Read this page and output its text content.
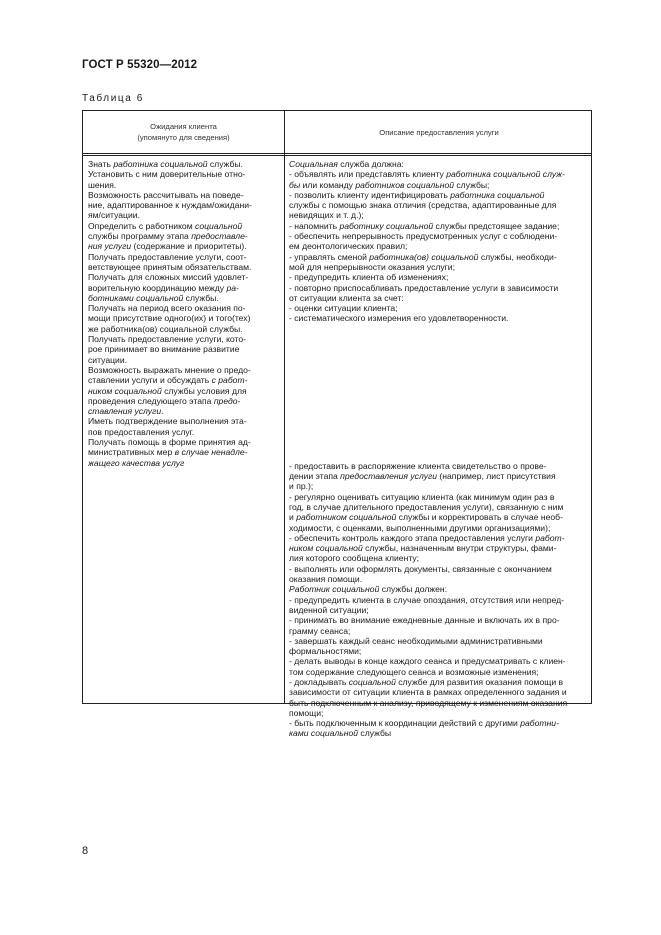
ГОСТ Р 55320—2012
Таблица 6
Ожидания клиента
(упомянуто для сведения)
Описание предоставления услуги

Знать работника социальной службы.

Установить с ним доверительные отно-

шения.

Возможность рассчитывать на поведе-

ние, адаптированное к нуждам/ожидани-

ям/ситуации.

Определить с работником социальной

службы программу этапа предоставле-

ния услуги (содержание и приоритеты).

Получать предоставление услуги, соот-

ветствующее принятым обязательствам.

Получать для сложных миссий удовлет-

ворительную координацию между ра-

ботниками социальной службы.

Получать на период всего оказания по-

мощи присутствие одного(их) и того(тех)

же работника(ов) социальной службы.

Получать предоставление услуги, кото-

рое принимает во внимание развитие

ситуации.

Возможность выражать мнение о предо-

ставлении услуги и обсуждать с работ-

ником социальной службы условия для

проведения следующего этапа предо-

ставления услуги.

Иметь подтверждение выполнения эта-

пов предоставления услуг.

Получать помощь в форме принятия ад-

министративных мер в случае ненадле-

жащего качества услуг

Социальная служба должна:

- объявлять или представлять клиенту работника социальной служ-

бы или команду работников социальной службы;

- позволить клиенту идентифицировать работника социальной

службы с помощью знака отличия (средства, адаптированные для

невидящих и т. д.);

- напомнить работнику социальной службы предстоящее задание;

- обеспечить непрерывность предусмотренных услуг с соблюдени-

ем деонтологических правил;

- управлять сменой работника(ов) социальной службы, необходи-

мой для непрерывности оказания услуги;

- предупредить клиента об изменениях;

- повторно приспосабливать предоставление услуги в зависимости

от ситуации клиента за счет:

- оценки ситуации клиента;

- систематического измерения его удовлетворенности.

- предоставить в распоряжение клиента свидетельство о прове-

дении этапа предоставления услуги (например, лист присутствия

и пр.);

- регулярно оценивать ситуацию клиента (как минимум один раз в

год, в случае длительного предоставления услуги), связанную с ним

и работником социальной службы и корректировать в случае необ-

ходимости, с оценками, выполненными другими организациями);

- обеспечить контроль каждого этапа предоставления услуги работ-

ником социальной службы, назначенным внутри структуры, фами-

лия которого сообщена клиенту;

- выполнять или оформлять документы, связанные с окончанием

оказания помощи.

Работник социальной службы должен:

- предупредить клиента в случае опоздания, отсутствия или непред-

виденной ситуации;

- принимать во внимание ежедневные данные и включать их в про-

грамму сеанса;

- завершать каждый сеанс необходимыми административными

формальностями;

- делать выводы в конце каждого сеанса и предусматривать с клиен-

том содержание следующего сеанса и возможные изменения;

- докладывать социальной службе для развития оказания помощи в

зависимости от ситуации клиента в рамках определенного задания и

быть подключенным к анализу, приводящему к изменениям оказания

помощи;

- быть подключенным к координации действий с другими работни-

ками социальной службы

8
